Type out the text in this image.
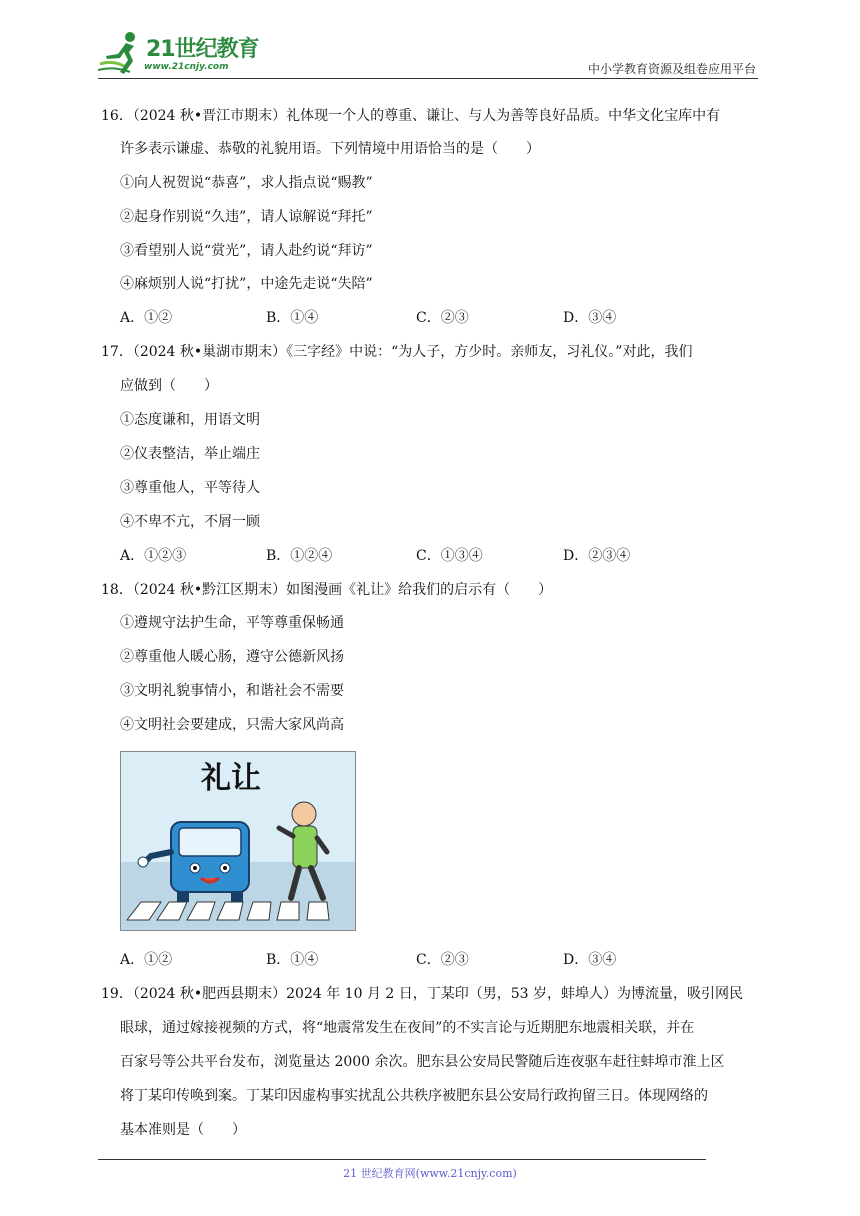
21世纪教育
www.21cnjy.com	中小学教育资源及组卷应用平台
16．（2024 秋•晋江市期末）礼体现一个人的尊重、谦让、与人为善等良好品质。中华文化宝库中有
许多表示谦虚、恭敬的礼貌用语。下列情境中用语恰当的是（　　）
①向人祝贺说“恭喜”，求人指点说“赐教”
②起身作别说“久违”，请人谅解说“拜托”
③看望别人说“赏光”，请人赴约说“拜访”
④麻烦别人说“打扰”，中途先走说“失陪”
A．①②	B．①④	C．②③	D．③④
17．（2024 秋•巢湖市期末）《三字经》中说：“为人子，方少时。亲师友，习礼仪。”对此，我们
应做到（　　）
①态度谦和，用语文明
②仪表整洁，举止端庄
③尊重他人，平等待人
④不卑不亢，不屑一顾
A．①②③	B．①②④	C．①③④	D．②③④
18．（2024 秋•黔江区期末）如图漫画《礼让》给我们的启示有（　　）
①遵规守法护生命，平等尊重保畅通
②尊重他人暖心肠，遵守公德新风扬
③文明礼貌事情小，和谐社会不需要
④文明社会要建成，只需大家风尚高
礼让
A．①②	B．①④	C．②③	D．③④
19．（2024 秋•肥西县期末）2024 年 10 月 2 日，丁某印（男，53 岁，蚌埠人）为博流量，吸引网民
眼球，通过嫁接视频的方式，将“地震常发生在夜间”的不实言论与近期肥东地震相关联，并在
百家号等公共平台发布，浏览量达 2000 余次。肥东县公安局民警随后连夜驱车赶往蚌埠市淮上区
将丁某印传唤到案。丁某印因虚构事实扰乱公共秩序被肥东县公安局行政拘留三日。体现网络的
基本准则是（　　）
21 世纪教育网(www.21cnjy.com)
